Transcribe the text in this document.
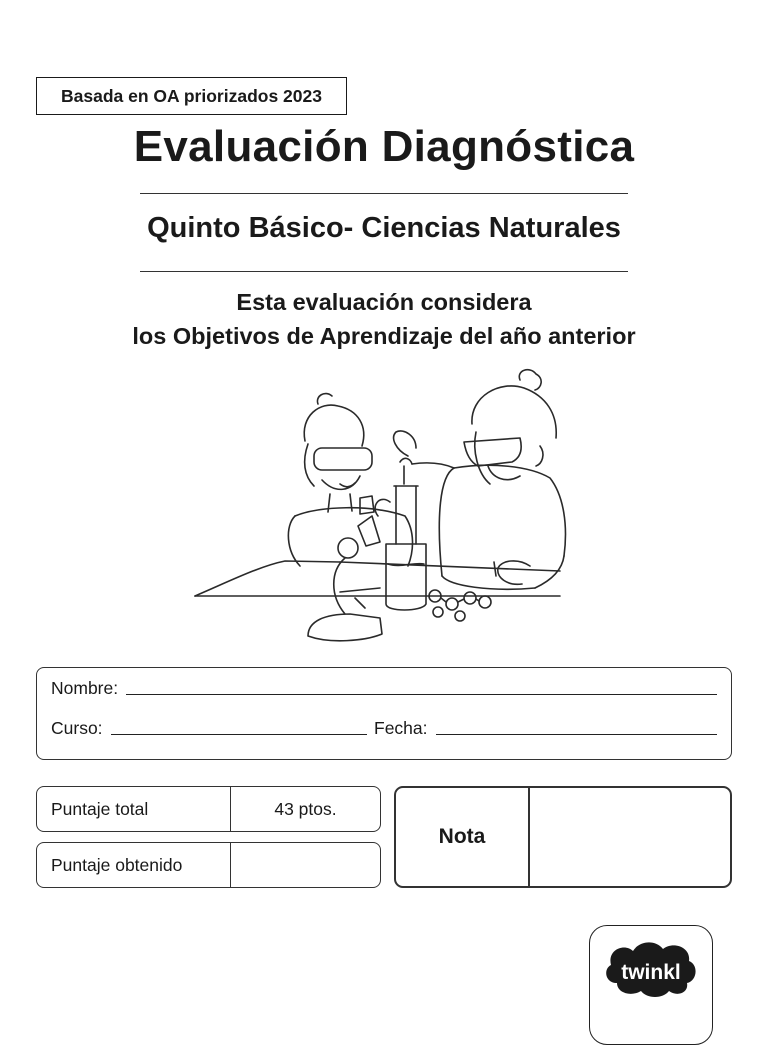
Basada en OA priorizados 2023
Evaluación Diagnóstica
Quinto Básico- Ciencias Naturales
Esta evaluación considera
los Objetivos de Aprendizaje del año anterior
Nombre:
Curso:	Fecha:
Puntaje total	43 ptos.
Puntaje obtenido
Nota
twinkl
